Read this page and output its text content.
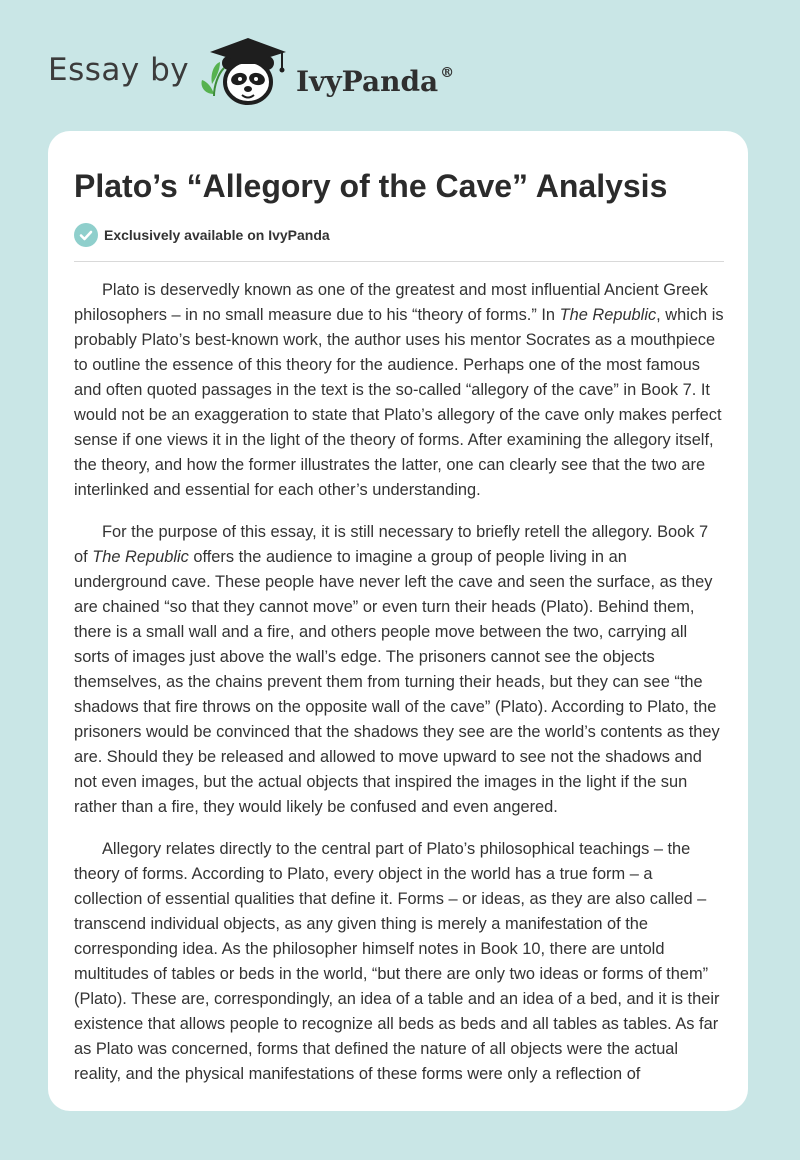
Essay by	IvyPanda ®
Plato’s “Allegory of the Cave” Analysis
Exclusively available on IvyPanda

Plato is deservedly known as one of the greatest and most influential Ancient Greek philosophers – in no small measure due to his “theory of forms.” In The Republic, which is probably Plato’s best-known work, the author uses his mentor Socrates as a mouthpiece to outline the essence of this theory for the audience. Perhaps one of the most famous and often quoted passages in the text is the so-called “allegory of the cave” in Book 7. It would not be an exaggeration to state that Plato’s allegory of the cave only makes perfect sense if one views it in the light of the theory of forms. After examining the allegory itself, the theory, and how the former illustrates the latter, one can clearly see that the two are interlinked and essential for each other’s understanding.

For the purpose of this essay, it is still necessary to briefly retell the allegory. Book 7 of The Republic offers the audience to imagine a group of people living in an underground cave. These people have never left the cave and seen the surface, as they are chained “so that they cannot move” or even turn their heads (Plato). Behind them, there is a small wall and a fire, and others people move between the two, carrying all sorts of images just above the wall’s edge. The prisoners cannot see the objects themselves, as the chains prevent them from turning their heads, but they can see “the shadows that fire throws on the opposite wall of the cave” (Plato). According to Plato, the prisoners would be convinced that the shadows they see are the world’s contents as they are. Should they be released and allowed to move upward to see not the shadows and not even images, but the actual objects that inspired the images in the light if the sun rather than a fire, they would likely be confused and even angered.

Allegory relates directly to the central part of Plato’s philosophical teachings – the theory of forms. According to Plato, every object in the world has a true form – a collection of essential qualities that define it. Forms – or ideas, as they are also called – transcend individual objects, as any given thing is merely a manifestation of the corresponding idea. As the philosopher himself notes in Book 10, there are untold multitudes of tables or beds in the world, “but there are only two ideas or forms of them” (Plato). These are, correspondingly, an idea of a table and an idea of a bed, and it is their existence that allows people to recognize all beds as beds and all tables as tables. As far as Plato was concerned, forms that defined the nature of all objects were the actual reality, and the physical manifestations of these forms were only a reflection of
